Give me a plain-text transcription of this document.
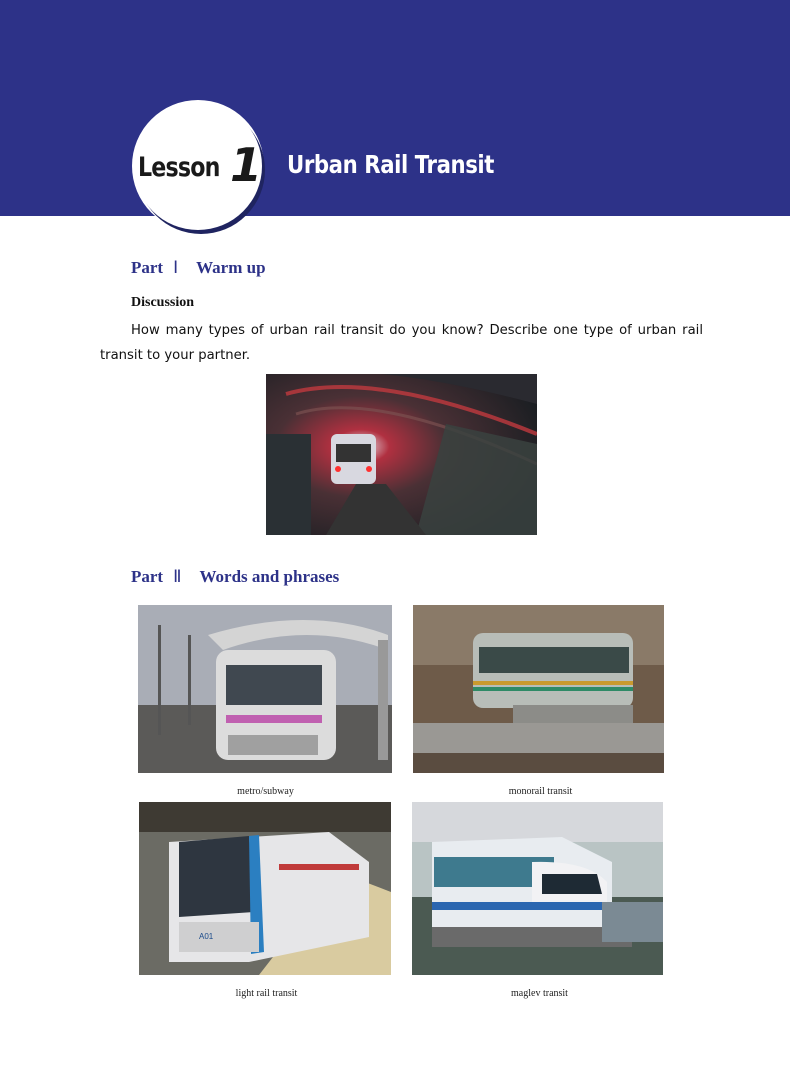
Lesson 1 Urban Rail Transit
Part Ⅰ Warm up
Discussion
How many types of urban rail transit do you know? Describe one type of urban rail transit to your partner.
Part Ⅱ Words and phrases
metro/subway	monorail transit
A01
light rail transit	maglev transit
